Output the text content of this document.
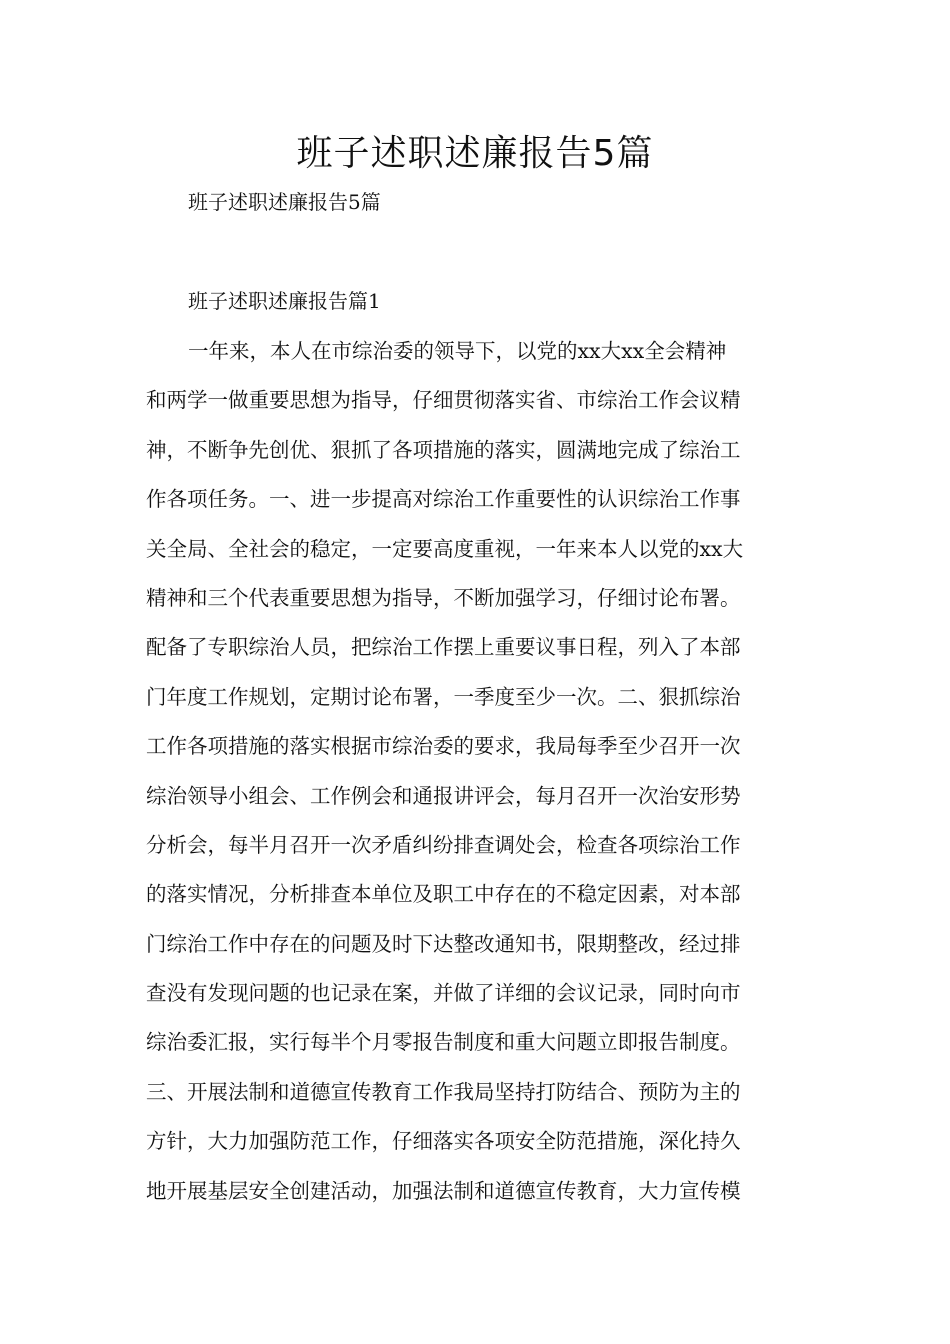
班子述职述廉报告5篇

班子述职述廉报告5篇

班子述职述廉报告篇1

一年来，本人在市综治委的领导下，以党的xx大xx全会精神
和两学一做重要思想为指导，仔细贯彻落实省、市综治工作会议精
神，不断争先创优、狠抓了各项措施的落实，圆满地完成了综治工
作各项任务。一、进一步提高对综治工作重要性的认识综治工作事
关全局、全社会的稳定，一定要高度重视，一年来本人以党的xx大
精神和三个代表重要思想为指导，不断加强学习，仔细讨论布署。
配备了专职综治人员，把综治工作摆上重要议事日程，列入了本部
门年度工作规划，定期讨论布署，一季度至少一次。二、狠抓综治
工作各项措施的落实根据市综治委的要求，我局每季至少召开一次
综治领导小组会、工作例会和通报讲评会，每月召开一次治安形势
分析会，每半月召开一次矛盾纠纷排查调处会，检查各项综治工作
的落实情况，分析排查本单位及职工中存在的不稳定因素，对本部
门综治工作中存在的问题及时下达整改通知书，限期整改，经过排
查没有发现问题的也记录在案，并做了详细的会议记录，同时向市
综治委汇报，实行每半个月零报告制度和重大问题立即报告制度。
三、开展法制和道德宣传教育工作我局坚持打防结合、预防为主的
方针，大力加强防范工作，仔细落实各项安全防范措施，深化持久
地开展基层安全创建活动，加强法制和道德宣传教育，大力宣传模
